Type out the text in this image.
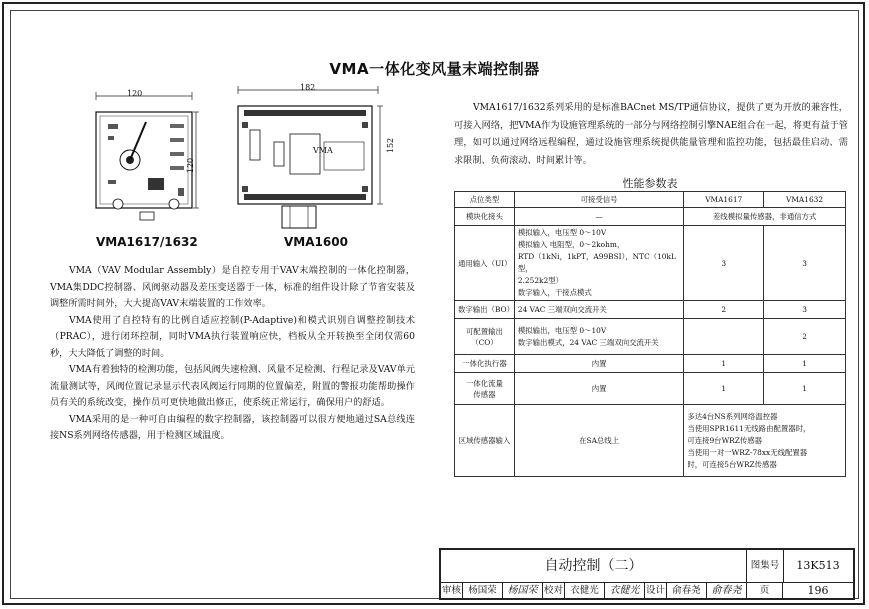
VMA一体化变风量末端控制器
120
120
VMA1617/1632
182
152
VMA
VMA1600
VMA1617/1632系列采用的是标准BACnet MS/TP通信协议，提供了更为开放的兼容性，可接入网络，把VMA作为设施管理系统的一部分与网络控制引擎NAE组合在一起，将更有益于管理，如可以通过网络远程编程，通过设施管理系统提供能量管理和监控功能，包括最佳启动、需求限制、负荷滚动、时间累计等。

VMA（VAV Modular Assembly）是自控专用于VAV末端控制的一体化控制器，VMA集DDC控制器、风阀驱动器及差压变送器于一体，标准的组件设计除了节省安装及调整所需时间外，大大提高VAV末端装置的工作效率。

VMA使用了自控特有的比例自适应控制(P-Adaptive)和模式识别自调整控制技术（PRAC），进行闭环控制，同时VMA执行装置响应快，档板从全开转换至全闭仅需60秒，大大降低了调整的时间。

VMA有着独特的检测功能，包括风阀失速检测、风量不足检测、行程记录及VAV单元流量测试等，风阀位置记录显示代表风阀运行同期的位置偏差，附置的警报功能帮助操作员有关的系统改变，操作员可更快地做出修正，使系统正常运行，确保用户的舒适。

VMA采用的是一种可自由编程的数字控制器，该控制器可以很方便地通过SA总线连接NS系列网络传感器，用于检测区域温度。

性能参数表
点位类型	可接受信号	VMA1617	VMA1632
模块化接头	—	差线模拟量传感器，非通信方式	
通用输入（UI）	模拟输入，电压型 0～10V
模拟输入 电阻型，0～2kohm，
RTD（1kNi，1kPT，A99BSI），NTC（10kL型，
2.252k2型）
数字输入，干接点模式	3	3
数字输出（BO）	24 VAC 三端双向交流开关	2	3
可配置输出
（CO）	模拟输出，电压型 0～10V
数字输出模式，24 VAC 三端双向交流开关		2
一体化执行器	内置	1	1
一体化流量
传感器	内置	1	1
区域传感器输入	在SA总线上	多达4台NS系列网络温控器
当使用SPR1611无线路由配置器时，
可连接9台WRZ传感器
当使用一对一WRZ-78xx无线配置器
时，可连接5台WRZ传感器	
自动控制（二）	图集号	13K513
审核 杨国荣	杨国荣 校对 衣健光	衣健光 设计 俞春尧	俞春尧	页	196
